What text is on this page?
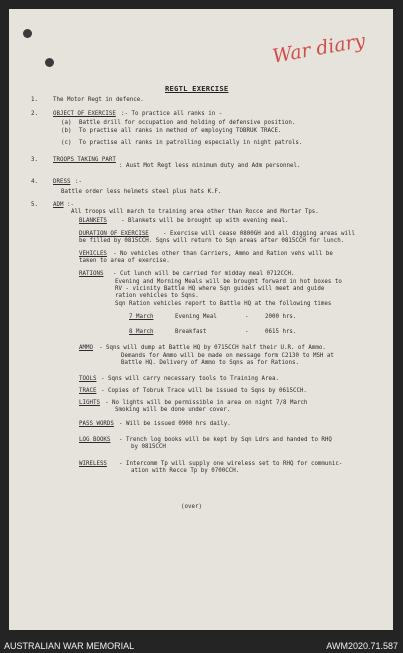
War diary
REGTL EXERCISE
1.	The Motor Regt in defence.
2.	OBJECT OF EXERCISE :- To practice all ranks in -
(a) Battle drill for occupation and holding of defensive position.
(b) To practise all ranks in method of employing TOBRUK TRACE.
(c) To practise all ranks in patrolling especially in night patrols.
3.	TROOPS TAKING PART
: Aust Mot Regt less minimum duty and Adm personnel.
4.	DRESS :-
Battle order less helmets steel plus hats K.F.
5.	ADM :-
All troops will march to training area other than Rocce and Mortar Tps.
BLANKETS - Blankets will be brought up with evening meal.
DURATION OF EXERCISE - Exercise will cease 0800GH and all digging areas will
be filled by 0815CCH. Sqns will return to Sqn areas after 0815CCH for lunch.
VEHICLES - No vehicles other than Carriers, Ammo and Ration vehs will be
taken to area of exercise.
RATIONS - Cut lunch will be carried for midday meal 0712CCH.
Evening and Morning Meals will be brought forward in hot boxes to
RV - vicinity Battle HQ where Sqn guides will meet and guide
ration vehicles to Sqns.
Sqn Ration vehicles report to Battle HQ at the following times
7 March	Evening Meal	-	2000 hrs.
8 March	Breakfast	-	0615 hrs.
AMMO - Sqns will dump at Battle HQ by 0715CCH half their U.R. of Ammo.
Demands for Ammo will be made on message form C2130 to MSH at
Battle HQ. Delivery of Ammo to Sqns as for Rations.
TOOLS - Sqns will carry necessary tools to Training Area.
TRACE - Copies of Tobruk Trace will be issued to Sqns by 0615CCH.
LIGHTS - No lights will be permissible in area on night 7/8 March
Smoking will be done under cover.
PASS WORDS - Will be issued 0900 hrs daily.
LOG BOOKS - Trench log books will be kept by Sqn Ldrs and handed to RHQ
by 0815CCH
WIRELESS - Intercomm Tp will supply one wireless set to RHQ for communic-
ation with Recce Tp by 0700CCH.
(over)
AUSTRALIAN WAR MEMORIAL	AWM2020.71.587
